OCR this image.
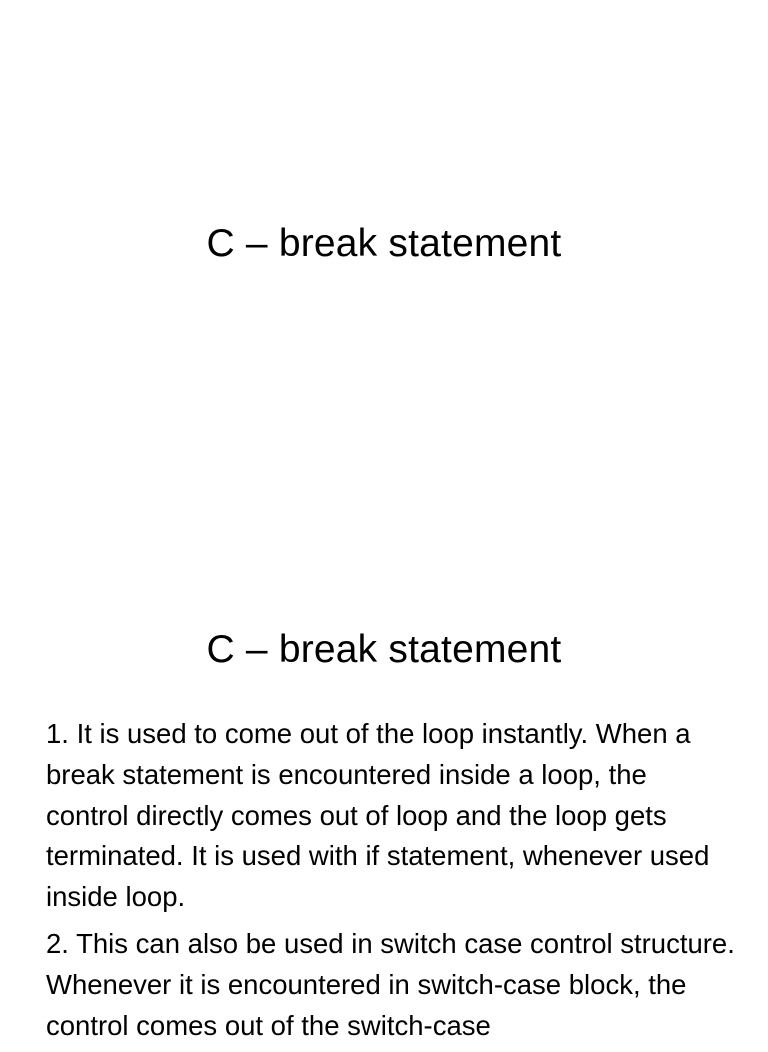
C – break statement
C – break statement

1. It is used to come out of the loop instantly. When a break statement is encountered inside a loop, the control directly comes out of loop and the loop gets terminated. It is used with if statement, whenever used inside loop.

2. This can also be used in switch case control structure. Whenever it is encountered in switch-case block, the control comes out of the switch-case
